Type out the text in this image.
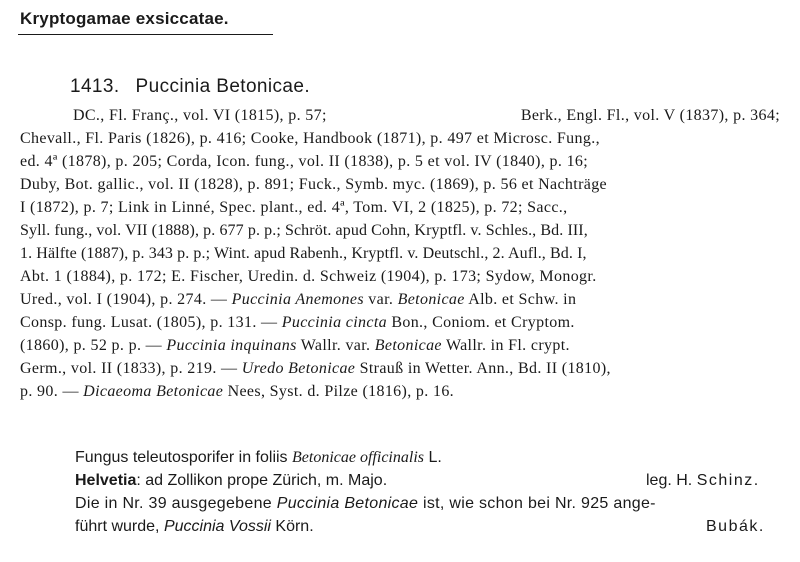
Kryptogamae exsiccatae.
1413. Puccinia Betonicae.
DC., Fl. Franç., vol. VI (1815), p. 57;	Berk., Engl. Fl., vol. V (1837), p. 364;
Chevall., Fl. Paris (1826), p. 416; Cooke, Handbook (1871), p. 497 et Microsc. Fung.,
ed. 4ª (1878), p. 205; Corda, Icon. fung., vol. II (1838), p. 5 et vol. IV (1840), p. 16;
Duby, Bot. gallic., vol. II (1828), p. 891; Fuck., Symb. myc. (1869), p. 56 et Nachträge
I (1872), p. 7; Link in Linné, Spec. plant., ed. 4ª, Tom. VI, 2 (1825), p. 72; Sacc.,
Syll. fung., vol. VII (1888), p. 677 p. p.; Schröt. apud Cohn, Kryptfl. v. Schles., Bd. III,
1. Hälfte (1887), p. 343 p. p.; Wint. apud Rabenh., Kryptfl. v. Deutschl., 2. Aufl., Bd. I,
Abt. 1 (1884), p. 172; E. Fischer, Uredin. d. Schweiz (1904), p. 173; Sydow, Monogr.
Ured., vol. I (1904), p. 274. — Puccinia Anemones var. Betonicae Alb. et Schw. in
Consp. fung. Lusat. (1805), p. 131. — Puccinia cincta Bon., Coniom. et Cryptom.
(1860), p. 52 p. p. — Puccinia inquinans Wallr. var. Betonicae Wallr. in Fl. crypt.
Germ., vol. II (1833), p. 219. — Uredo Betonicae Strauß in Wetter. Ann., Bd. II (1810),
p. 90. — Dicaeoma Betonicae Nees, Syst. d. Pilze (1816), p. 16.
Fungus teleutosporifer in foliis Betonicae officinalis L.
Helvetia: ad Zollikon prope Zürich, m. Majo.	leg. H. Schinz.
Die in Nr. 39 ausgegebene Puccinia Betonicae ist, wie schon bei Nr. 925 ange-
führt wurde, Puccinia Vossii Körn.	Bubák.
